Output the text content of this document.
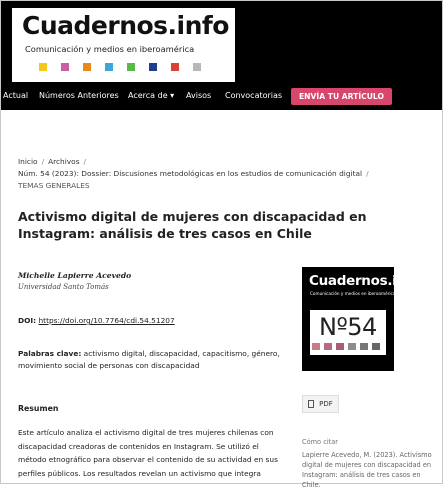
Cuadernos.info
Comunicación y medios en iberoamérica
Actual Números Anteriores Acerca de ▾ Avisos Convocatorias	ENVÍA TU ARTÍCULO
Inicio / Archivos /
Núm. 54 (2023): Dossier: Discusiones metodológicas en los estudios de comunicación digital /
TEMAS GENERALES
Activismo digital de mujeres con discapacidad en Instagram: análisis de tres casos en Chile
Michelle Lapierre Acevedo
Universidad Santo Tomás
DOI: https://doi.org/10.7764/cdi.54.51207
Palabras clave: activismo digital, discapacidad, capacitismo, género, movimiento social de personas con discapacidad
Resumen
Este artículo analiza el activismo digital de tres mujeres chilenas con discapacidad creadoras de contenidos en Instagram. Se utilizó el método etnográfico para observar el contenido de su actividad en sus perfiles públicos. Los resultados revelan un activismo que integra
Cuadernos.info
Comunicación y medios en iberoamérica
Nº54
PDF
Cómo citar
Lapierre Acevedo, M. (2023). Activismo digital de mujeres con discapacidad en Instagram: análisis de tres casos en Chile.
